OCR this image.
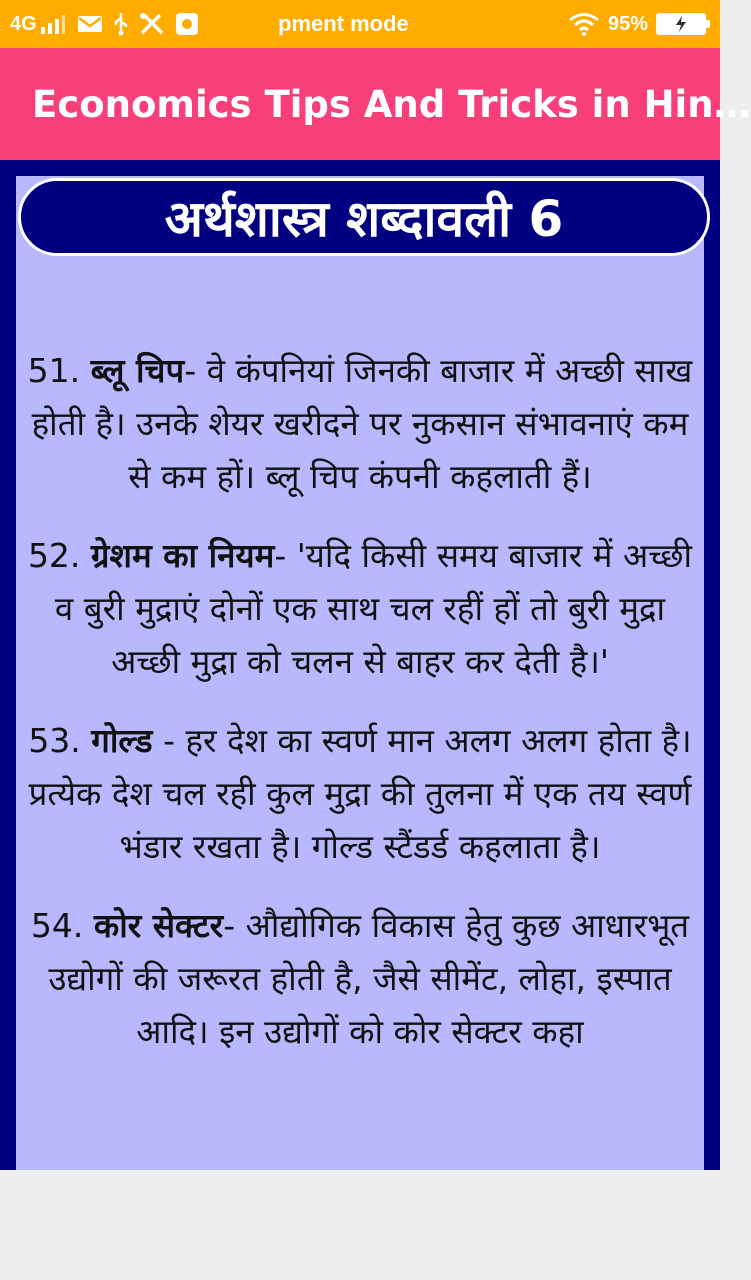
4G	pment mode	95%
Economics Tips And Tricks in Hin…
अर्थशास्त्र शब्दावली 6

51. ब्लू चिप- वे कंपनियां जिनकी बाजार में अच्छी साख होती है। उनके शेयर खरीदने पर नुकसान संभावनाएं कम से कम हों। ब्लू चिप कंपनी कहलाती हैं।

52. ग्रेशम का नियम- 'यदि किसी समय बाजार में अच्छी व बुरी मुद्राएं दोनों एक साथ चल रहीं हों तो बुरी मुद्रा अच्छी मुद्रा को चलन से बाहर कर देती है।'

53. गोल्ड - हर देश का स्वर्ण मान अलग अलग होता है। प्रत्येक देश चल रही कुल मुद्रा की तुलना में एक तय स्वर्ण भंडार रखता है। गोल्ड स्टैंडर्ड कहलाता है।

54. कोर सेक्टर- औद्योगिक विकास हेतु कुछ आधारभूत उद्योगों की जरूरत होती है, जैसे सीमेंट, लोहा, इस्पात आदि। इन उद्योगों को कोर सेक्टर कहा
